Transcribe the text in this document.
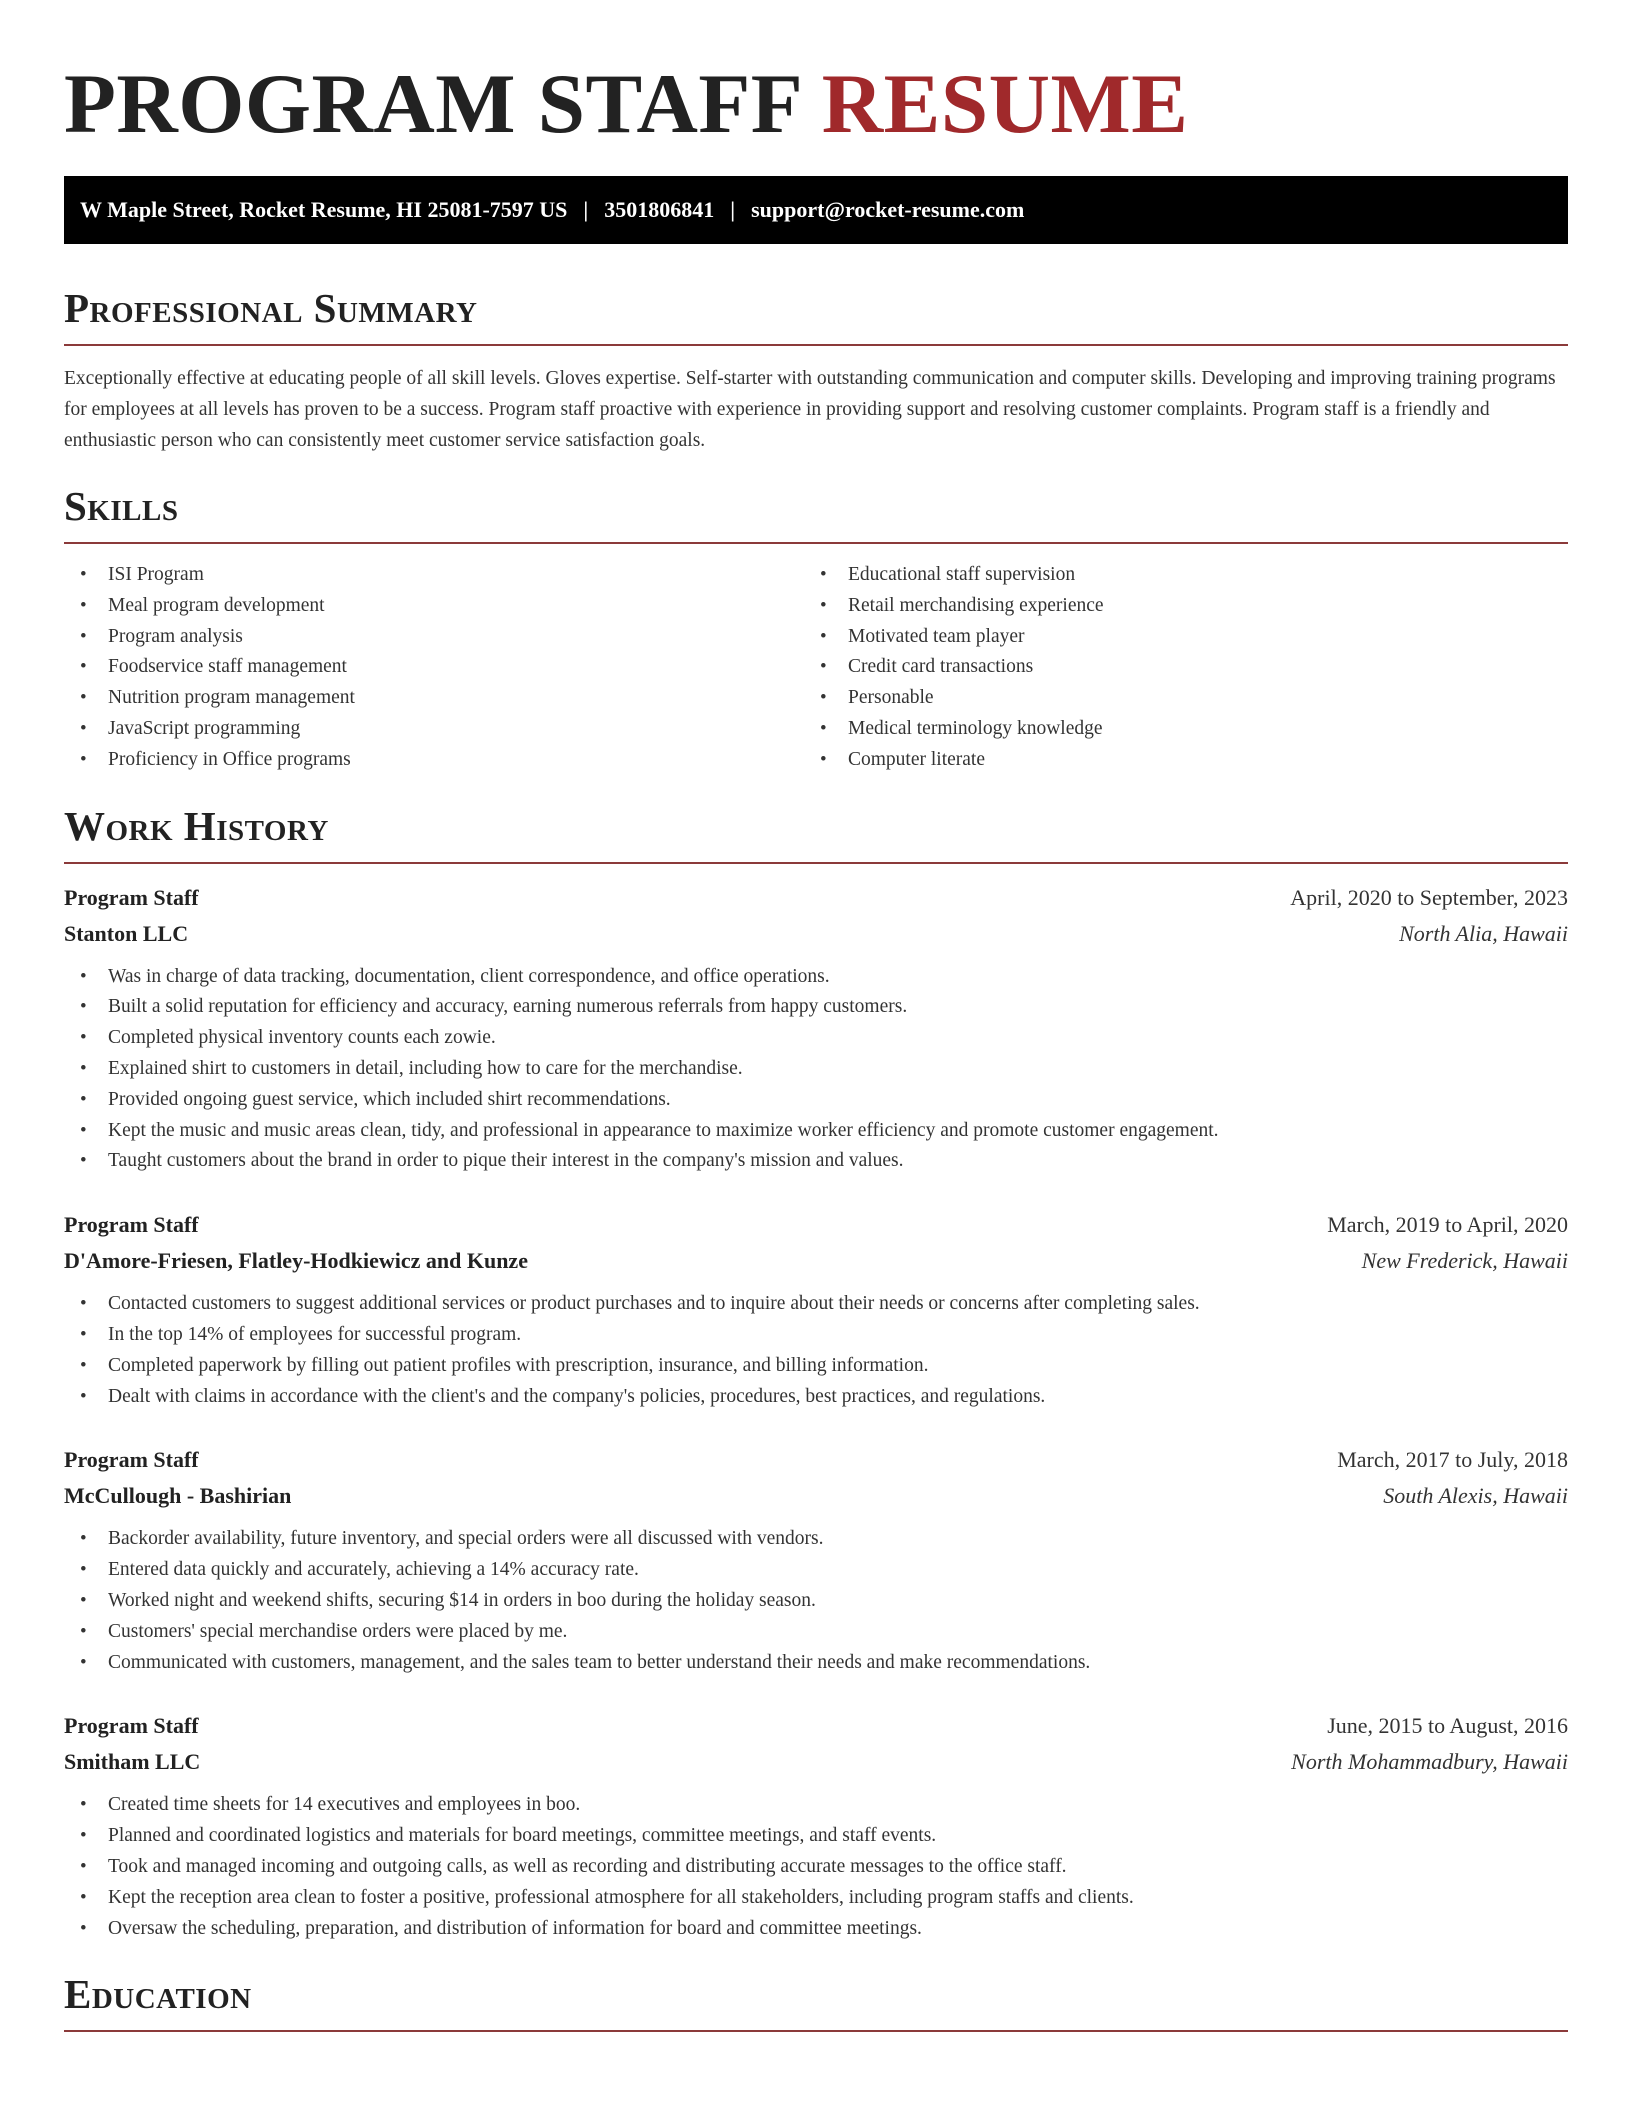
PROGRAM STAFF RESUME
W Maple Street, Rocket Resume, HI 25081-7597 US | 3501806841 | support@rocket-resume.com
Professional Summary

Exceptionally effective at educating people of all skill levels. Gloves expertise. Self-starter with outstanding communication and computer skills. Developing and improving training programs for employees at all levels has proven to be a success. Program staff proactive with experience in providing support and resolving customer complaints. Program staff is a friendly and enthusiastic person who can consistently meet customer service satisfaction goals.

Skills
• ISI Program
• Meal program development
• Program analysis
• Foodservice staff management
• Nutrition program management
• JavaScript programming
• Proficiency in Office programs
• Educational staff supervision
• Retail merchandising experience
• Motivated team player
• Credit card transactions
• Personable
• Medical terminology knowledge
• Computer literate
Work History
Program Staff	April, 2020 to September, 2023
Stanton LLC	North Alia, Hawaii
• Was in charge of data tracking, documentation, client correspondence, and office operations.
• Built a solid reputation for efficiency and accuracy, earning numerous referrals from happy customers.
• Completed physical inventory counts each zowie.
• Explained shirt to customers in detail, including how to care for the merchandise.
• Provided ongoing guest service, which included shirt recommendations.
• Kept the music and music areas clean, tidy, and professional in appearance to maximize worker efficiency and promote customer engagement.
• Taught customers about the brand in order to pique their interest in the company's mission and values.
Program Staff	March, 2019 to April, 2020
D'Amore-Friesen, Flatley-Hodkiewicz and Kunze	New Frederick, Hawaii
• Contacted customers to suggest additional services or product purchases and to inquire about their needs or concerns after completing sales.
• In the top 14% of employees for successful program.
• Completed paperwork by filling out patient profiles with prescription, insurance, and billing information.
• Dealt with claims in accordance with the client's and the company's policies, procedures, best practices, and regulations.
Program Staff	March, 2017 to July, 2018
McCullough - Bashirian	South Alexis, Hawaii
• Backorder availability, future inventory, and special orders were all discussed with vendors.
• Entered data quickly and accurately, achieving a 14% accuracy rate.
• Worked night and weekend shifts, securing $14 in orders in boo during the holiday season.
• Customers' special merchandise orders were placed by me.
• Communicated with customers, management, and the sales team to better understand their needs and make recommendations.
Program Staff	June, 2015 to August, 2016
Smitham LLC	North Mohammadbury, Hawaii
• Created time sheets for 14 executives and employees in boo.
• Planned and coordinated logistics and materials for board meetings, committee meetings, and staff events.
• Took and managed incoming and outgoing calls, as well as recording and distributing accurate messages to the office staff.
• Kept the reception area clean to foster a positive, professional atmosphere for all stakeholders, including program staffs and clients.
• Oversaw the scheduling, preparation, and distribution of information for board and committee meetings.
Education
